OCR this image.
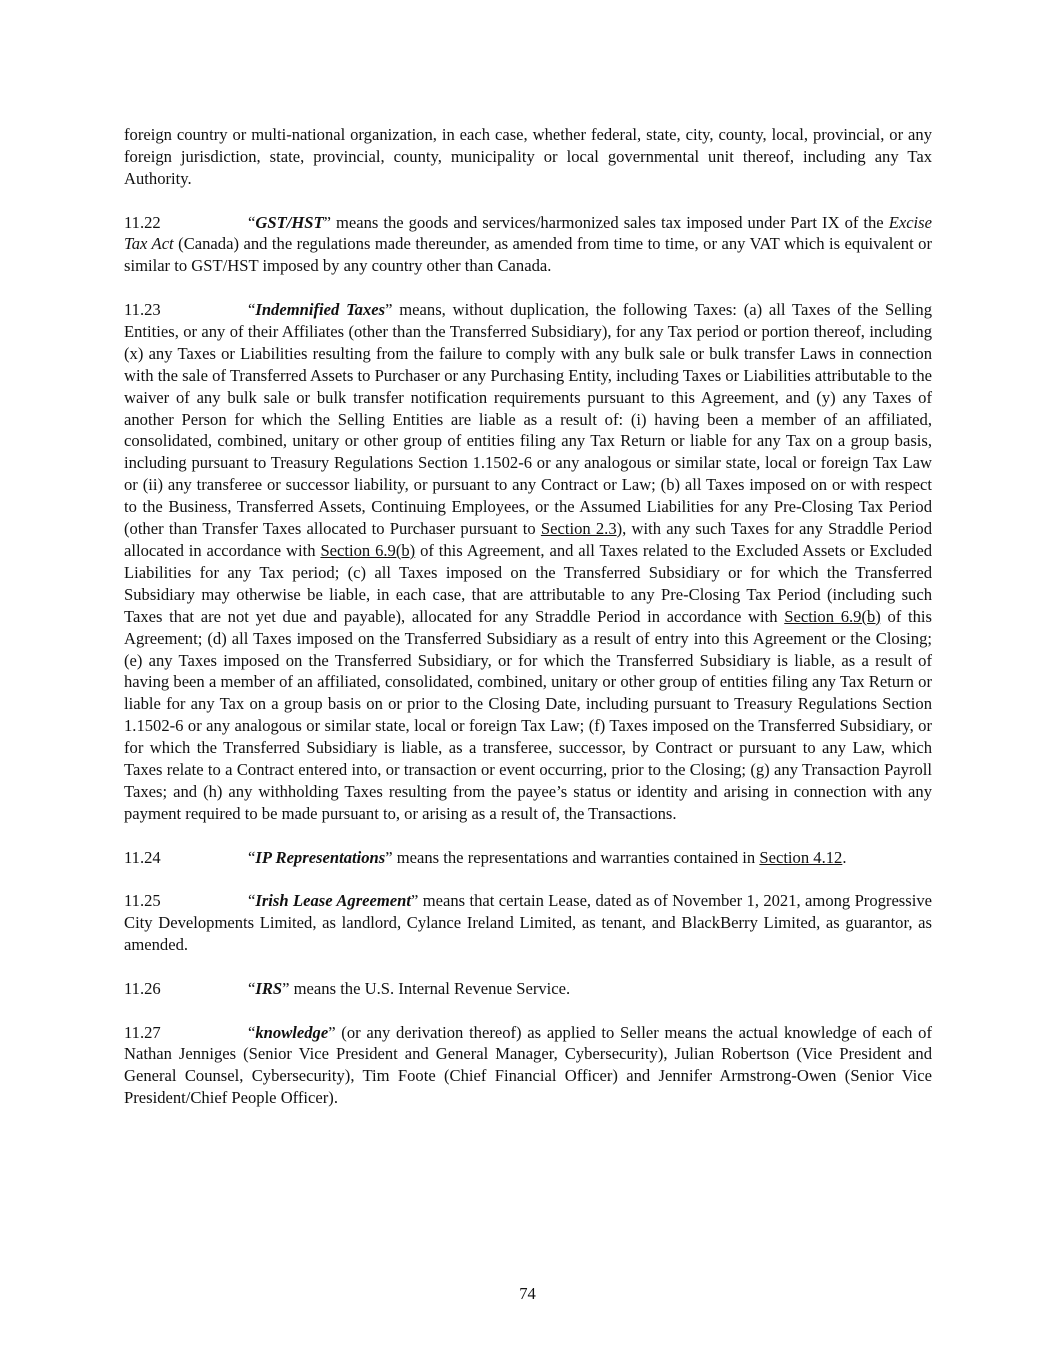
foreign country or multi-national organization, in each case, whether federal, state, city, county, local, provincial, or any foreign jurisdiction, state, provincial, county, municipality or local governmental unit thereof, including any Tax Authority.

11.22	“GST/HST” means the goods and services/harmonized sales tax imposed under Part IX of the Excise Tax Act (Canada) and the regulations made thereunder, as amended from time to time, or any VAT which is equivalent or similar to GST/HST imposed by any country other than Canada.

11.23	“Indemnified Taxes” means, without duplication, the following Taxes: (a) all Taxes of the Selling Entities, or any of their Affiliates (other than the Transferred Subsidiary), for any Tax period or portion thereof, including (x) any Taxes or Liabilities resulting from the failure to comply with any bulk sale or bulk transfer Laws in connection with the sale of Transferred Assets to Purchaser or any Purchasing Entity, including Taxes or Liabilities attributable to the waiver of any bulk sale or bulk transfer notification requirements pursuant to this Agreement, and (y) any Taxes of another Person for which the Selling Entities are liable as a result of: (i) having been a member of an affiliated, consolidated, combined, unitary or other group of entities filing any Tax Return or liable for any Tax on a group basis, including pursuant to Treasury Regulations Section 1.1502-6 or any analogous or similar state, local or foreign Tax Law or (ii) any transferee or successor liability, or pursuant to any Contract or Law; (b) all Taxes imposed on or with respect to the Business, Transferred Assets, Continuing Employees, or the Assumed Liabilities for any Pre-Closing Tax Period (other than Transfer Taxes allocated to Purchaser pursuant to Section 2.3), with any such Taxes for any Straddle Period allocated in accordance with Section 6.9(b) of this Agreement, and all Taxes related to the Excluded Assets or Excluded Liabilities for any Tax period; (c) all Taxes imposed on the Transferred Subsidiary or for which the Transferred Subsidiary may otherwise be liable, in each case, that are attributable to any Pre-Closing Tax Period (including such Taxes that are not yet due and payable), allocated for any Straddle Period in accordance with Section 6.9(b) of this Agreement; (d) all Taxes imposed on the Transferred Subsidiary as a result of entry into this Agreement or the Closing; (e) any Taxes imposed on the Transferred Subsidiary, or for which the Transferred Subsidiary is liable, as a result of having been a member of an affiliated, consolidated, combined, unitary or other group of entities filing any Tax Return or liable for any Tax on a group basis on or prior to the Closing Date, including pursuant to Treasury Regulations Section 1.1502-6 or any analogous or similar state, local or foreign Tax Law; (f) Taxes imposed on the Transferred Subsidiary, or for which the Transferred Subsidiary is liable, as a transferee, successor, by Contract or pursuant to any Law, which Taxes relate to a Contract entered into, or transaction or event occurring, prior to the Closing; (g) any Transaction Payroll Taxes; and (h) any withholding Taxes resulting from the payee’s status or identity and arising in connection with any payment required to be made pursuant to, or arising as a result of, the Transactions.

11.24	“IP Representations” means the representations and warranties contained in Section 4.12.

11.25	“Irish Lease Agreement” means that certain Lease, dated as of November 1, 2021, among Progressive City Developments Limited, as landlord, Cylance Ireland Limited, as tenant, and BlackBerry Limited, as guarantor, as amended.

11.26	“IRS” means the U.S. Internal Revenue Service.

11.27	“knowledge” (or any derivation thereof) as applied to Seller means the actual knowledge of each of Nathan Jenniges (Senior Vice President and General Manager, Cybersecurity), Julian Robertson (Vice President and General Counsel, Cybersecurity), Tim Foote (Chief Financial Officer) and Jennifer Armstrong-Owen (Senior Vice President/Chief People Officer).

74
